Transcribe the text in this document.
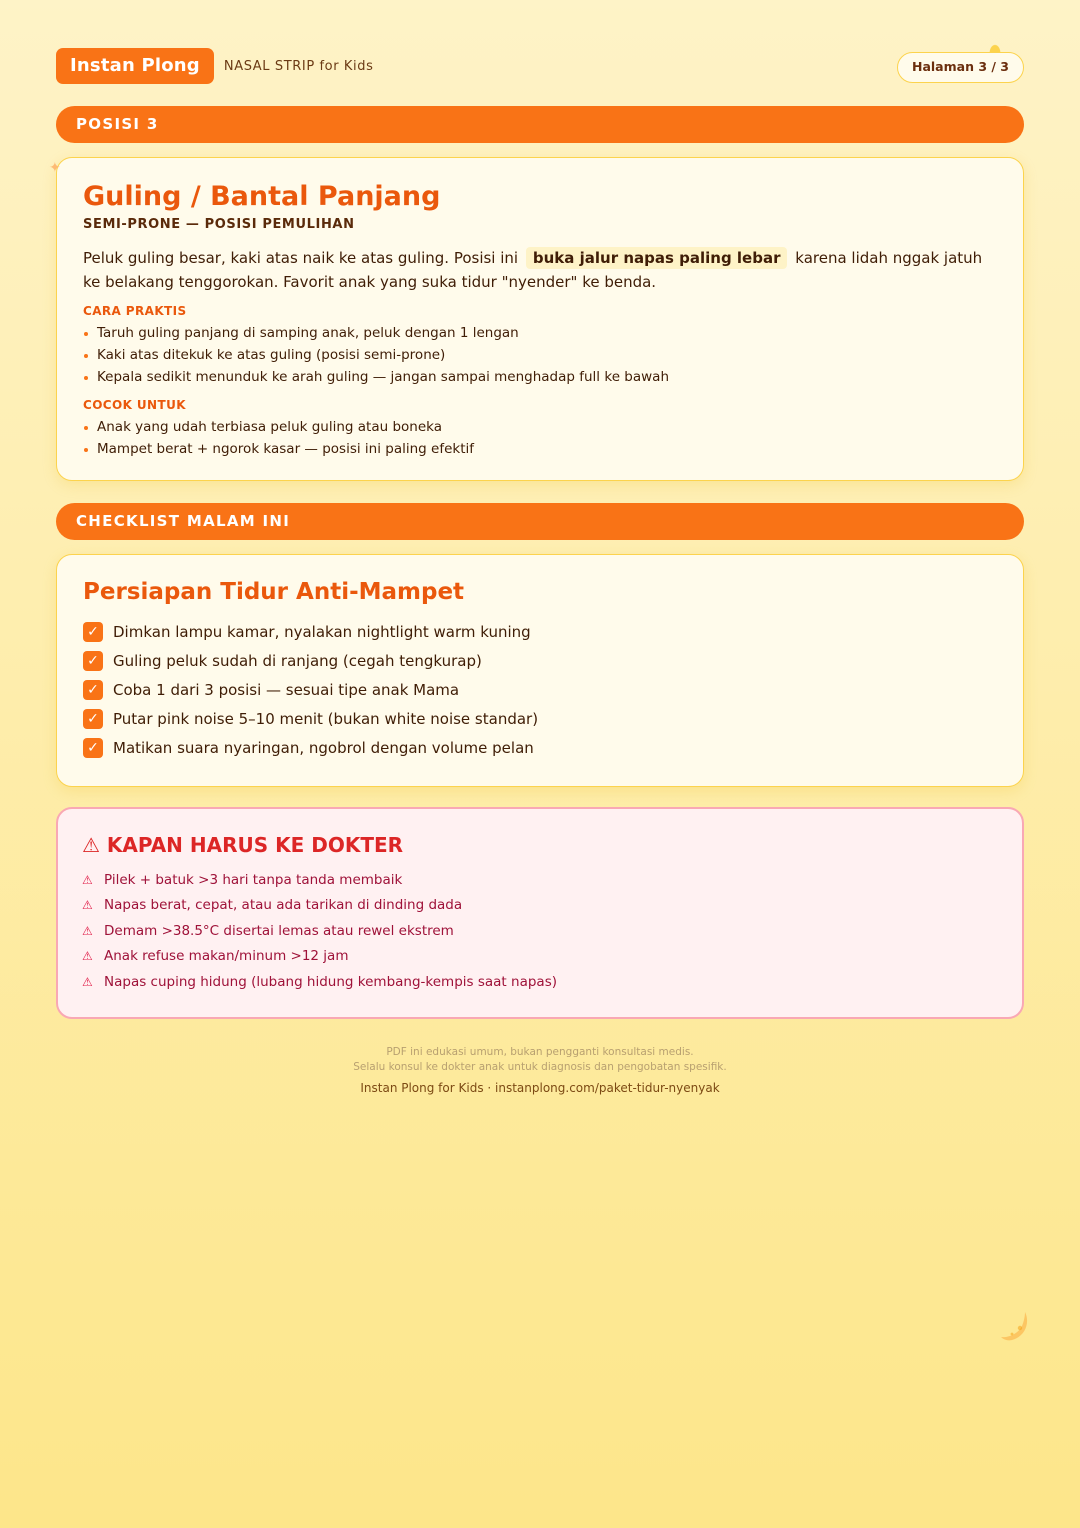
Instan Plong	NASAL STRIP for Kids	Halaman 3 / 3
POSISI 3
✦
Guling / Bantal Panjang
SEMI-PRONE — POSISI PEMULIHAN

Peluk guling besar, kaki atas naik ke atas guling. Posisi ini buka jalur napas paling lebar karena lidah nggak jatuh ke belakang tenggorokan. Favorit anak yang suka tidur "nyender" ke benda.

CARA PRAKTIS
Taruh guling panjang di samping anak, peluk dengan 1 lengan
Kaki atas ditekuk ke atas guling (posisi semi-prone)
Kepala sedikit menunduk ke arah guling — jangan sampai menghadap full ke bawah
COCOK UNTUK
Anak yang udah terbiasa peluk guling atau boneka
Mampet berat + ngorok kasar — posisi ini paling efektif
CHECKLIST MALAM INI
Persiapan Tidur Anti-Mampet
✓ Dimkan lampu kamar, nyalakan nightlight warm kuning
✓ Guling peluk sudah di ranjang (cegah tengkurap)
✓ Coba 1 dari 3 posisi — sesuai tipe anak Mama
✓ Putar pink noise 5–10 menit (bukan white noise standar)
✓ Matikan suara nyaringan, ngobrol dengan volume pelan
⚠ KAPAN HARUS KE DOKTER
⚠ Pilek + batuk >3 hari tanpa tanda membaik
⚠ Napas berat, cepat, atau ada tarikan di dinding dada
⚠ Demam >38.5°C disertai lemas atau rewel ekstrem
⚠ Anak refuse makan/minum >12 jam
⚠ Napas cuping hidung (lubang hidung kembang-kempis saat napas)
PDF ini edukasi umum, bukan pengganti konsultasi medis.
Selalu konsul ke dokter anak untuk diagnosis dan pengobatan spesifik.
Instan Plong for Kids · instanplong.com/paket-tidur-nyenyak
